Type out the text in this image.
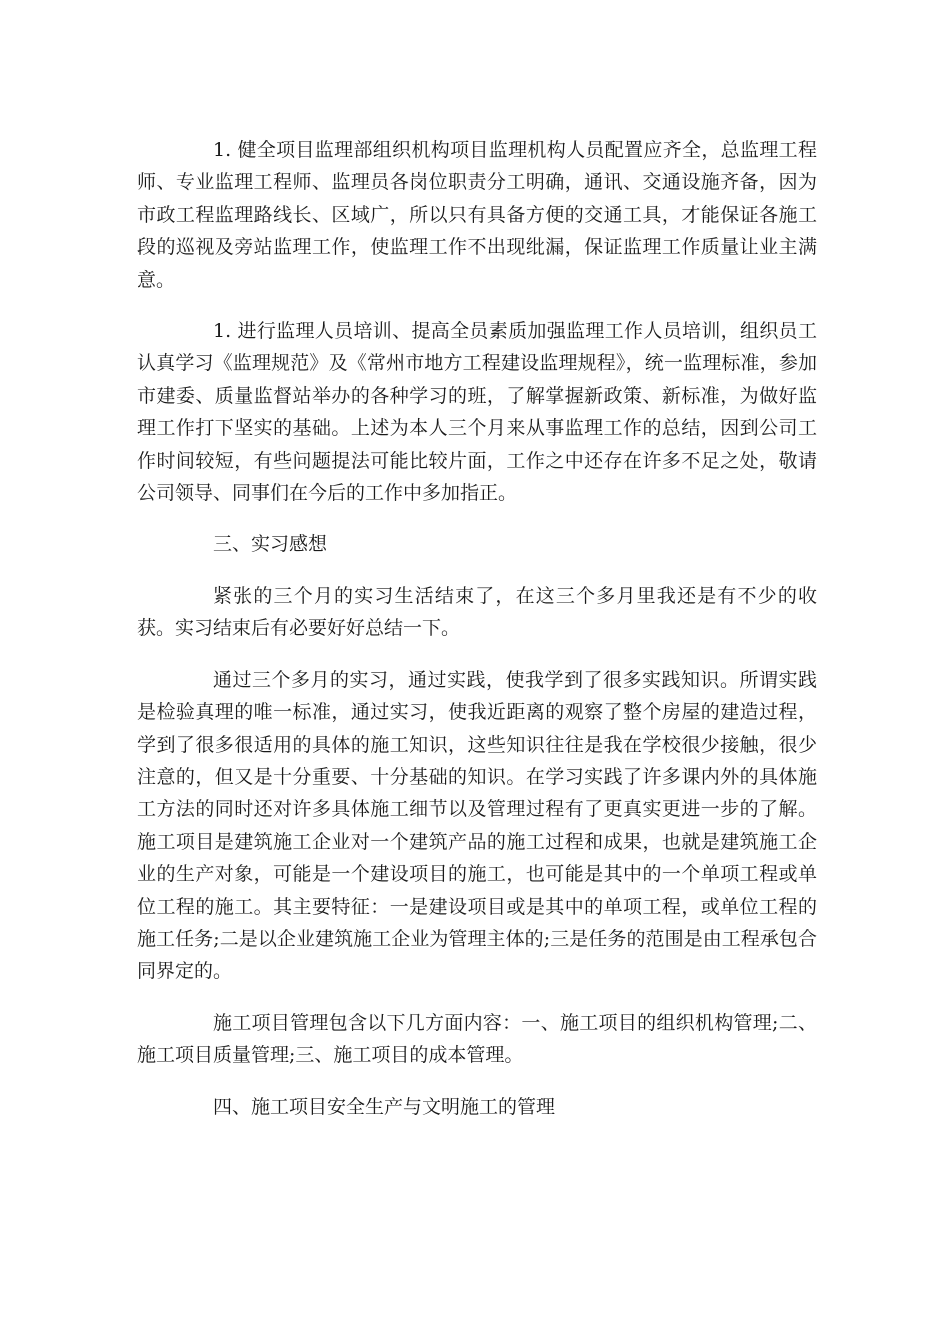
1. 健全项目监理部组织机构项目监理机构人员配置应齐全，总监理工程师、专业监理工程师、监理员各岗位职责分工明确，通讯、交通设施齐备，因为市政工程监理路线长、区域广，所以只有具备方便的交通工具，才能保证各施工段的巡视及旁站监理工作，使监理工作不出现纰漏，保证监理工作质量让业主满意。

1. 进行监理人员培训、提高全员素质加强监理工作人员培训，组织员工认真学习《监理规范》及《常州市地方工程建设监理规程》，统一监理标准，参加市建委、质量监督站举办的各种学习的班，了解掌握新政策、新标准，为做好监理工作打下坚实的基础。上述为本人三个月来从事监理工作的总结，因到公司工作时间较短，有些问题提法可能比较片面，工作之中还存在许多不足之处，敬请公司领导、同事们在今后的工作中多加指正。

三、实习感想

紧张的三个月的实习生活结束了，在这三个多月里我还是有不少的收获。实习结束后有必要好好总结一下。

通过三个多月的实习，通过实践，使我学到了很多实践知识。所谓实践是检验真理的唯一标准，通过实习，使我近距离的观察了整个房屋的建造过程，学到了很多很适用的具体的施工知识，这些知识往往是我在学校很少接触，很少注意的，但又是十分重要、十分基础的知识。在学习实践了许多课内外的具体施工方法的同时还对许多具体施工细节以及管理过程有了更真实更进一步的了解。施工项目是建筑施工企业对一个建筑产品的施工过程和成果，也就是建筑施工企业的生产对象，可能是一个建设项目的施工，也可能是其中的一个单项工程或单位工程的施工。其主要特征：一是建设项目或是其中的单项工程，或单位工程的施工任务;二是以企业建筑施工企业为管理主体的;三是任务的范围是由工程承包合同界定的。

施工项目管理包含以下几方面内容：一、施工项目的组织机构管理;二、施工项目质量管理;三、施工项目的成本管理。

四、施工项目安全生产与文明施工的管理
